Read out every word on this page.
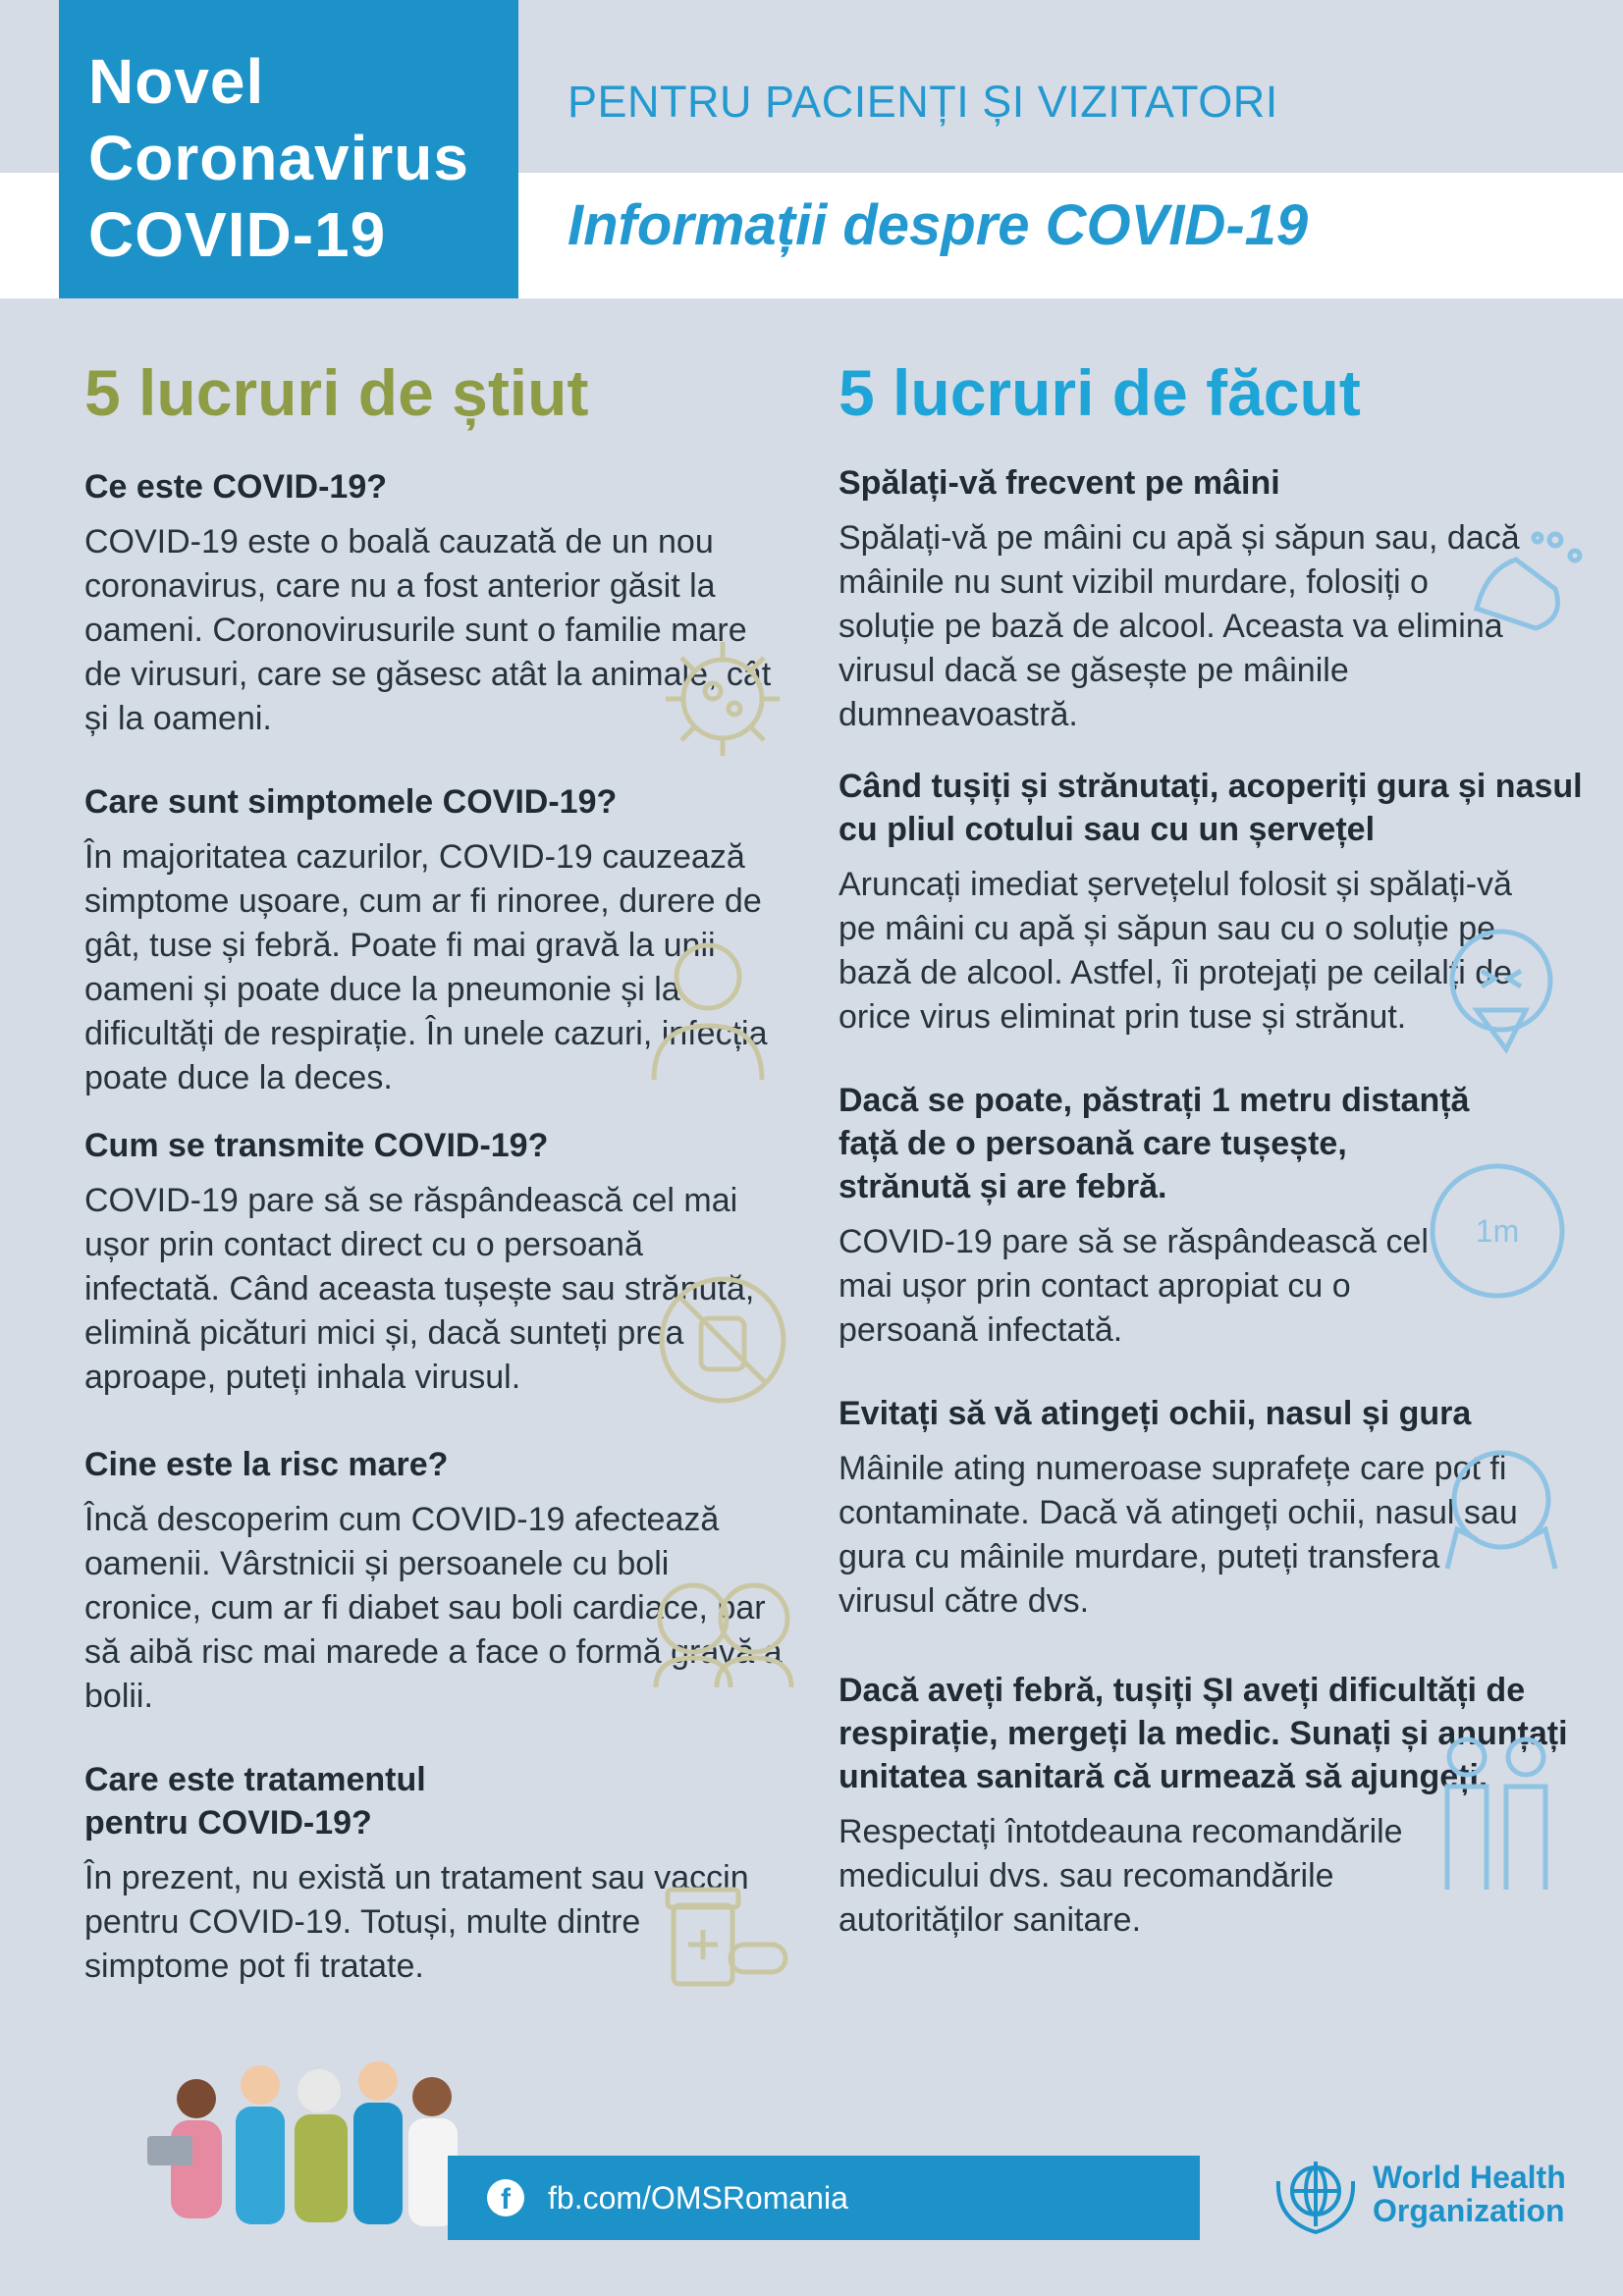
Novel
Coronavirus
COVID-19
PENTRU PACIENȚI ȘI VIZITATORI
Informații despre COVID-19
5 lucruri de știut
Ce este COVID-19?

COVID-19 este o boală cauzată de un nou coronavirus, care nu a fost anterior găsit la oameni. Coronovirusurile sunt o familie mare de virusuri, care se găsesc atât la animale, cât și la oameni.

Care sunt simptomele COVID-19?

În majoritatea cazurilor, COVID-19 cauzează simptome ușoare, cum ar fi rinoree, durere de gât, tuse și febră. Poate fi mai gravă la unii oameni și poate duce la pneumonie și la dificultăți de respirație. În unele cazuri, infecția poate duce la deces.

Cum se transmite COVID-19?

COVID-19 pare să se răspândească cel mai ușor prin contact direct cu o persoană infectată. Când aceasta tușește sau strănută, elimină picături mici și, dacă sunteți prea aproape, puteți inhala virusul.

Cine este la risc mare?

Încă descoperim cum COVID-19 afectează oamenii. Vârstnicii și persoanele cu boli cronice, cum ar fi diabet sau boli cardiace, par să aibă risc mai marede a face o formă gravă a bolii.

Care este tratamentul pentru COVID-19?

În prezent, nu există un tratament sau vaccin pentru COVID-19. Totuși, multe dintre simptome pot fi tratate.

5 lucruri de făcut
Spălați-vă frecvent pe mâini

Spălați-vă pe mâini cu apă și săpun sau, dacă mâinile nu sunt vizibil murdare, folosiți o soluție pe bază de alcool. Aceasta va elimina virusul dacă se găsește pe mâinile dumneavoastră.

Când tușiți și strănutați, acoperiți gura și nasul cu pliul cotului sau cu un șervețel

Aruncați imediat șervețelul folosit și spălați-vă pe mâini cu apă și săpun sau cu o soluție pe bază de alcool. Astfel, îi protejați pe ceilalți de orice virus eliminat prin tuse și strănut.

Dacă se poate, păstrați 1 metru distanță față de o persoană care tușește, strănută și are febră.

COVID-19 pare să se răspândească cel mai ușor prin contact apropiat cu o persoană infectată.

1m
Evitați să vă atingeți ochii, nasul și gura

Mâinile ating numeroase suprafețe care pot fi contaminate. Dacă vă atingeți ochii, nasul sau gura cu mâinile murdare, puteți transfera virusul către dvs.

Dacă aveți febră, tușiți ȘI aveți dificultăți de respirație, mergeți la medic. Sunați și anunțați unitatea sanitară că urmează să ajungeți.

Respectați întotdeauna recomandările medicului dvs. sau recomandările autorităților sanitare.

f	fb.com/OMSRomania
World Health
Organization
